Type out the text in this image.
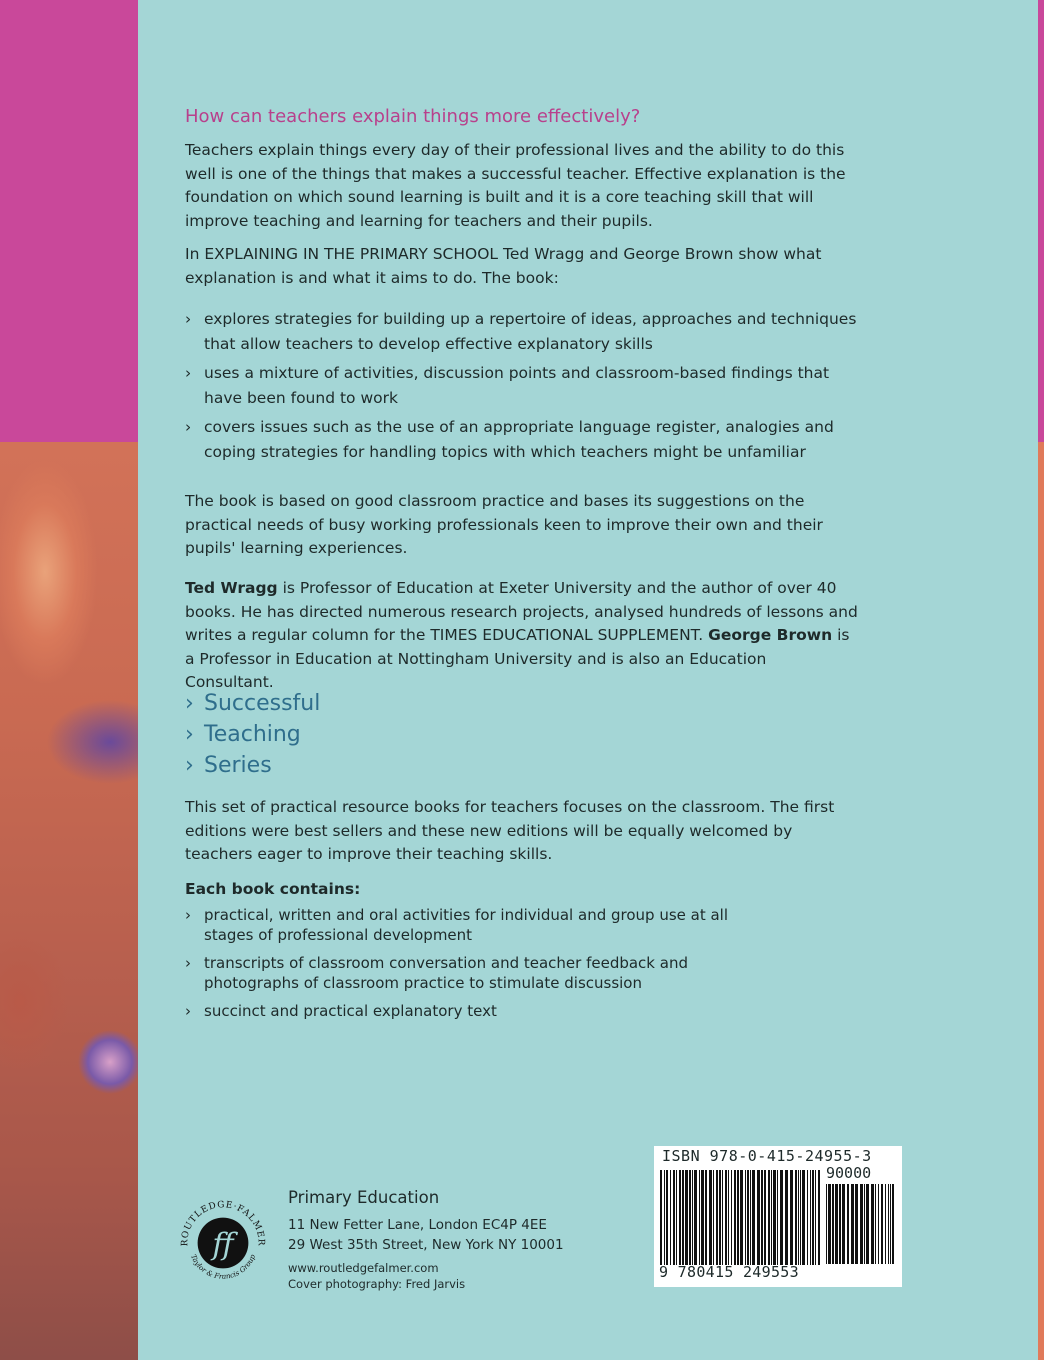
How can teachers explain things more effectively?

Teachers explain things every day of their professional lives and the ability to do this well is one of the things that makes a successful teacher. Effective explanation is the foundation on which sound learning is built and it is a core teaching skill that will improve teaching and learning for teachers and their pupils.

In EXPLAINING IN THE PRIMARY SCHOOL Ted Wragg and George Brown show what explanation is and what it aims to do. The book:

› explores strategies for building up a repertoire of ideas, approaches and techniques that allow teachers to develop effective explanatory skills
› uses a mixture of activities, discussion points and classroom-based findings that have been found to work
› covers issues such as the use of an appropriate language register, analogies and coping strategies for handling topics with which teachers might be unfamiliar

The book is based on good classroom practice and bases its suggestions on the practical needs of busy working professionals keen to improve their own and their pupils' learning experiences.

Ted Wragg is Professor of Education at Exeter University and the author of over 40 books. He has directed numerous research projects, analysed hundreds of lessons and writes a regular column for the TIMES EDUCATIONAL SUPPLEMENT. George Brown is a Professor in Education at Nottingham University and is also an Education Consultant.

› Successful
› Teaching
› Series

This set of practical resource books for teachers focuses on the classroom. The first editions were best sellers and these new editions will be equally welcomed by teachers eager to improve their teaching skills.

Each book contains:
› practical, written and oral activities for individual and group use at all stages of professional development
› transcripts of classroom conversation and teacher feedback and photographs of classroom practice to stimulate discussion
› succinct and practical explanatory text
ROUTLEDGE·FALMER
Taylor & Francis Group
ff
Primary Education
11 New Fetter Lane, London EC4P 4EE
29 West 35th Street, New York NY 10001
www.routledgefalmer.com
Cover photography: Fred Jarvis
ISBN 978-0-415-24955-3
90000
9 780415 249553
